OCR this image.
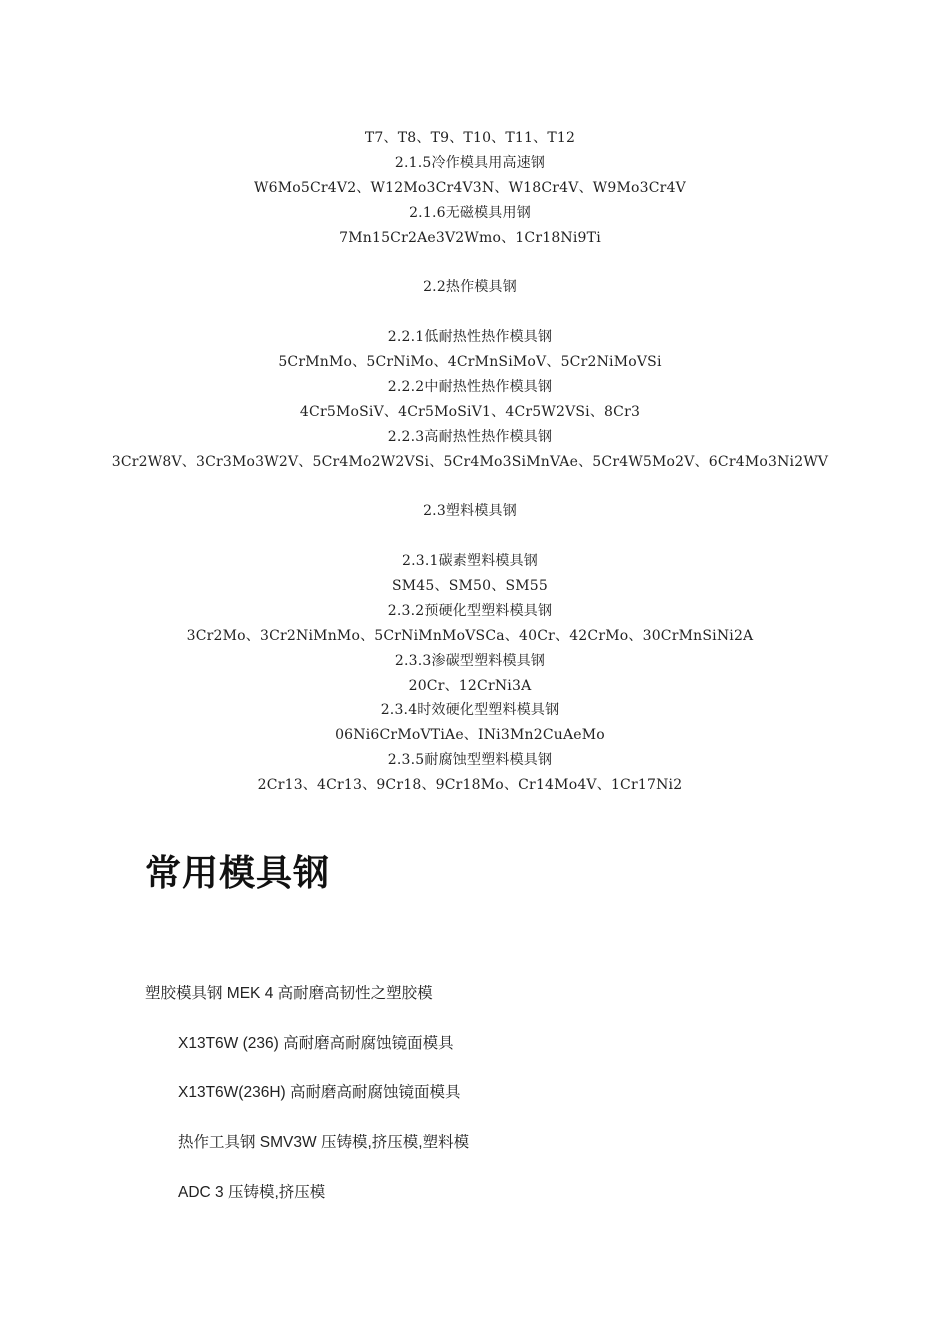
T7、T8、T9、T10、T11、T12
2.1.5冷作模具用高速钢
W6Mo5Cr4V2、W12Mo3Cr4V3N、W18Cr4V、W9Mo3Cr4V
2.1.6无磁模具用钢
7Mn15Cr2Ae3V2Wmo、1Cr18Ni9Ti
2.2热作模具钢
2.2.1低耐热性热作模具钢
5CrMnMo、5CrNiMo、4CrMnSiMoV、5Cr2NiMoVSi
2.2.2中耐热性热作模具钢
4Cr5MoSiV、4Cr5MoSiV1、4Cr5W2VSi、8Cr3
2.2.3高耐热性热作模具钢
3Cr2W8V、3Cr3Mo3W2V、5Cr4Mo2W2VSi、5Cr4Mo3SiMnVAe、5Cr4W5Mo2V、6Cr4Mo3Ni2WV
2.3塑料模具钢
2.3.1碳素塑料模具钢
SM45、SM50、SM55
2.3.2预硬化型塑料模具钢
3Cr2Mo、3Cr2NiMnMo、5CrNiMnMoVSCa、40Cr、42CrMo、30CrMnSiNi2A
2.3.3渗碳型塑料模具钢
20Cr、12CrNi3A
2.3.4时效硬化型塑料模具钢
06Ni6CrMoVTiAe、INi3Mn2CuAeMo
2.3.5耐腐蚀型塑料模具钢
2Cr13、4Cr13、9Cr18、9Cr18Mo、Cr14Mo4V、1Cr17Ni2
常用模具钢
塑胶模具钢 MEK 4 高耐磨高韧性之塑胶模
X13T6W (236) 高耐磨高耐腐蚀镜面模具
X13T6W(236H) 高耐磨高耐腐蚀镜面模具
热作工具钢 SMV3W 压铸模,挤压模,塑料模
ADC 3 压铸模,挤压模
